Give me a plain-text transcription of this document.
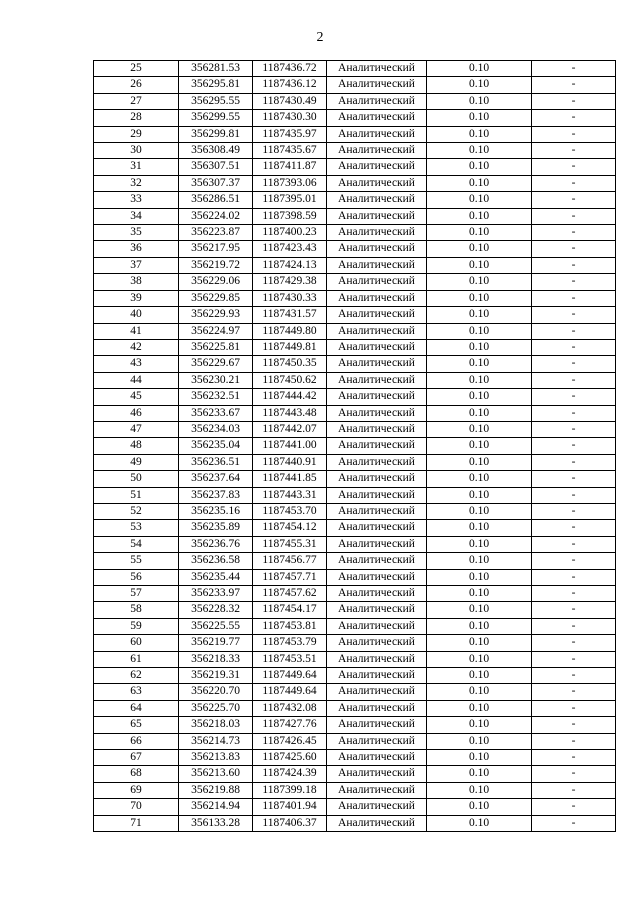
2
25	356281.53	1187436.72	Аналитический	0.10	-
26	356295.81	1187436.12	Аналитический	0.10	-
27	356295.55	1187430.49	Аналитический	0.10	-
28	356299.55	1187430.30	Аналитический	0.10	-
29	356299.81	1187435.97	Аналитический	0.10	-
30	356308.49	1187435.67	Аналитический	0.10	-
31	356307.51	1187411.87	Аналитический	0.10	-
32	356307.37	1187393.06	Аналитический	0.10	-
33	356286.51	1187395.01	Аналитический	0.10	-
34	356224.02	1187398.59	Аналитический	0.10	-
35	356223.87	1187400.23	Аналитический	0.10	-
36	356217.95	1187423.43	Аналитический	0.10	-
37	356219.72	1187424.13	Аналитический	0.10	-
38	356229.06	1187429.38	Аналитический	0.10	-
39	356229.85	1187430.33	Аналитический	0.10	-
40	356229.93	1187431.57	Аналитический	0.10	-
41	356224.97	1187449.80	Аналитический	0.10	-
42	356225.81	1187449.81	Аналитический	0.10	-
43	356229.67	1187450.35	Аналитический	0.10	-
44	356230.21	1187450.62	Аналитический	0.10	-
45	356232.51	1187444.42	Аналитический	0.10	-
46	356233.67	1187443.48	Аналитический	0.10	-
47	356234.03	1187442.07	Аналитический	0.10	-
48	356235.04	1187441.00	Аналитический	0.10	-
49	356236.51	1187440.91	Аналитический	0.10	-
50	356237.64	1187441.85	Аналитический	0.10	-
51	356237.83	1187443.31	Аналитический	0.10	-
52	356235.16	1187453.70	Аналитический	0.10	-
53	356235.89	1187454.12	Аналитический	0.10	-
54	356236.76	1187455.31	Аналитический	0.10	-
55	356236.58	1187456.77	Аналитический	0.10	-
56	356235.44	1187457.71	Аналитический	0.10	-
57	356233.97	1187457.62	Аналитический	0.10	-
58	356228.32	1187454.17	Аналитический	0.10	-
59	356225.55	1187453.81	Аналитический	0.10	-
60	356219.77	1187453.79	Аналитический	0.10	-
61	356218.33	1187453.51	Аналитический	0.10	-
62	356219.31	1187449.64	Аналитический	0.10	-
63	356220.70	1187449.64	Аналитический	0.10	-
64	356225.70	1187432.08	Аналитический	0.10	-
65	356218.03	1187427.76	Аналитический	0.10	-
66	356214.73	1187426.45	Аналитический	0.10	-
67	356213.83	1187425.60	Аналитический	0.10	-
68	356213.60	1187424.39	Аналитический	0.10	-
69	356219.88	1187399.18	Аналитический	0.10	-
70	356214.94	1187401.94	Аналитический	0.10	-
71	356133.28	1187406.37	Аналитический	0.10	-
